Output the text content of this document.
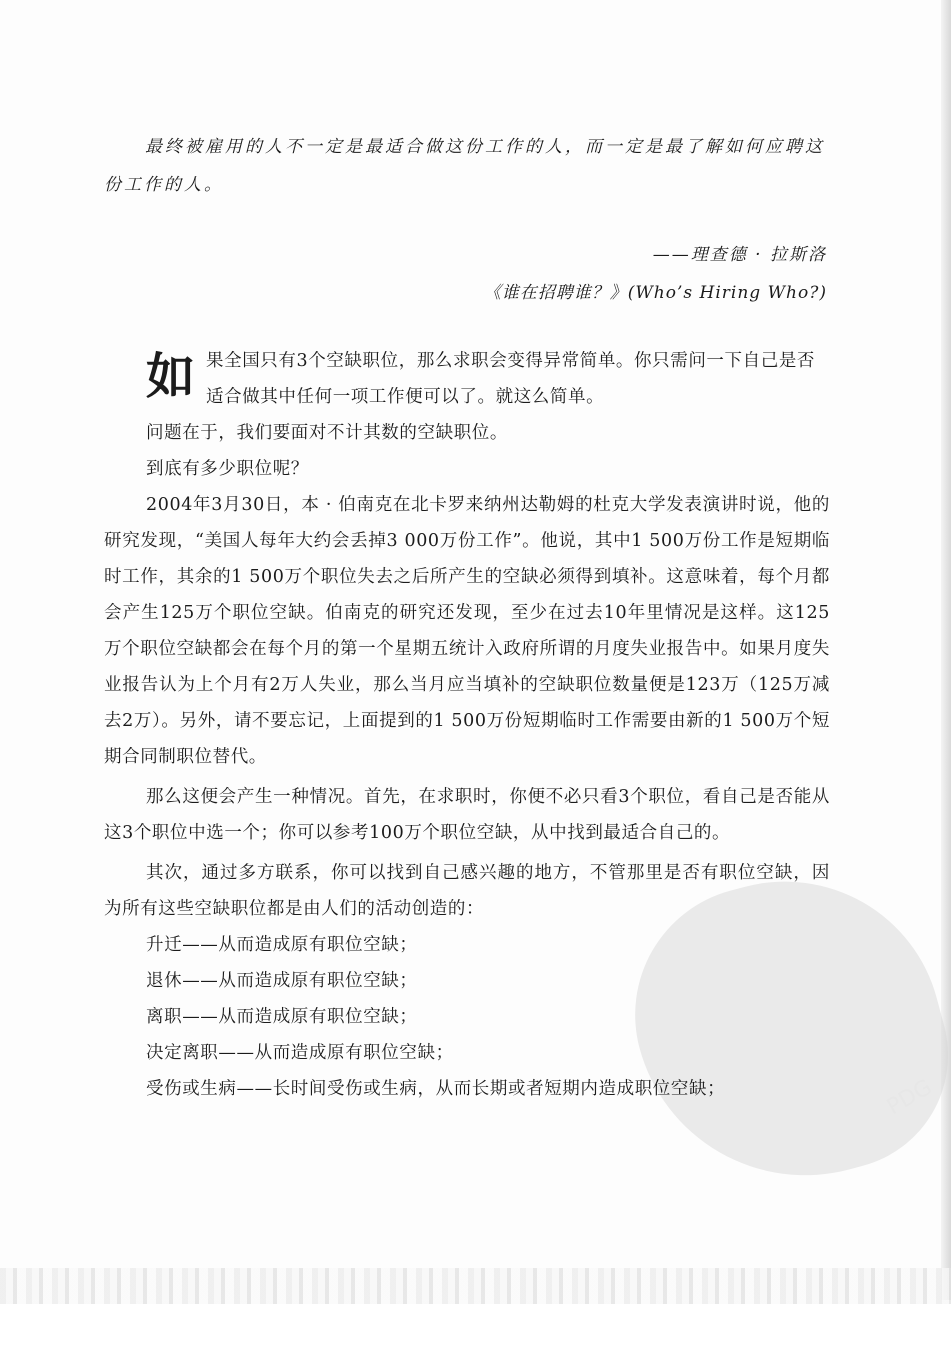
PDG
最终被雇用的人不一定是最适合做这份工作的人，而一定是最了解如何应聘这份工作的人。
——理查德 · 拉斯洛
《谁在招聘谁？》(Who’s Hiring Who?)
如 果全国只有3个空缺职位，那么求职会变得异常简单。你只需问一下自己是否适合做其中任何一项工作便可以了。就这么简单。

问题在于，我们要面对不计其数的空缺职位。

到底有多少职位呢？

2004年3月30日，本 · 伯南克在北卡罗来纳州达勒姆的杜克大学发表演讲时说，他的研究发现，“美国人每年大约会丢掉3 000万份工作”。他说，其中1 500万份工作是短期临时工作，其余的1 500万个职位失去之后所产生的空缺必须得到填补。这意味着，每个月都会产生125万个职位空缺。伯南克的研究还发现，至少在过去10年里情况是这样。这125万个职位空缺都会在每个月的第一个星期五统计入政府所谓的月度失业报告中。如果月度失业报告认为上个月有2万人失业，那么当月应当填补的空缺职位数量便是123万（125万减去2万）。另外，请不要忘记，上面提到的1 500万份短期临时工作需要由新的1 500万个短期合同制职位替代。

那么这便会产生一种情况。首先，在求职时，你便不必只看3个职位，看自己是否能从这3个职位中选一个；你可以参考100万个职位空缺，从中找到最适合自己的。

其次，通过多方联系，你可以找到自己感兴趣的地方，不管那里是否有职位空缺，因为所有这些空缺职位都是由人们的活动创造的：

升迁——从而造成原有职位空缺；

退休——从而造成原有职位空缺；

离职——从而造成原有职位空缺；

决定离职——从而造成原有职位空缺；

受伤或生病——长时间受伤或生病，从而长期或者短期内造成职位空缺；
